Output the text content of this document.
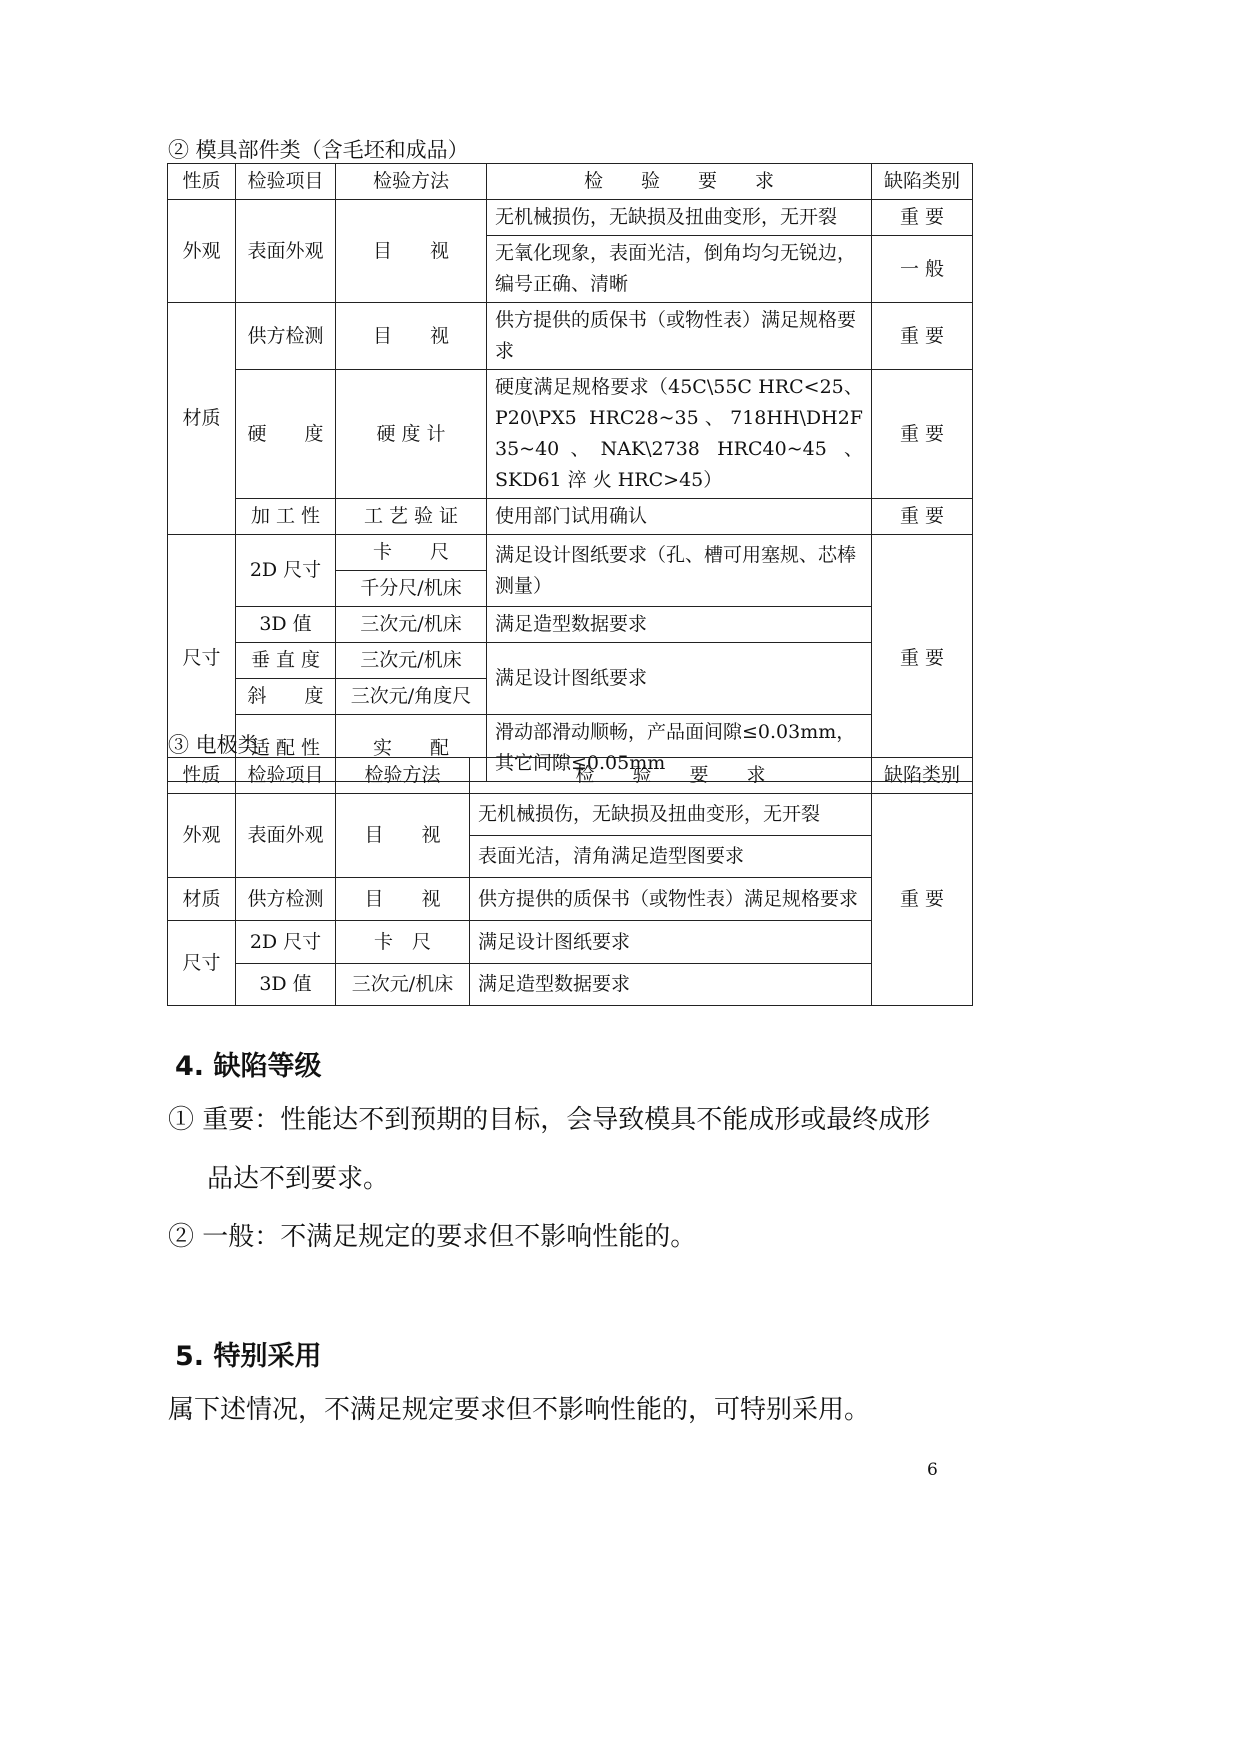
② 模具部件类（含毛坯和成品）
性质	检验项目	检验方法	检　　验　　要　　求	缺陷类别
外观	表面外观	目　　视	无机械损伤，无缺损及扭曲变形，无开裂	重 要
			无氧化现象，表面光洁，倒角均匀无锐边，编号正确、清晰	一 般
材质	供方检测	目　　视	供方提供的质保书（或物性表）满足规格要求	重 要
	硬　　度	硬 度 计	硬度满足规格要求（45C\55C HRC<25、P20\PX5 HRC28~35、718HH\DH2F 35~40、NAK\2738 HRC40~45 、 SKD61 淬 火 HRC>45）	重 要
	加 工 性	工 艺 验 证	使用部门试用确认	重 要
尺寸	2D 尺寸	卡　　尺	满足设计图纸要求（孔、槽可用塞规、芯棒测量）	重 要
		千分尺/机床		
	3D 值	三次元/机床	满足造型数据要求	
	垂 直 度	三次元/机床	满足设计图纸要求	
	斜　　度	三次元/角度尺		
	适 配 性	实　　配	滑动部滑动顺畅，产品面间隙≤0.03mm，其它间隙≤0.05mm	

③ 电极类
性质	检验项目	检验方法	检　　验　　要　　求	缺陷类别
外观	表面外观	目　　视	无机械损伤，无缺损及扭曲变形，无开裂	重 要
			表面光洁，清角满足造型图要求	
材质	供方检测	目　　视	供方提供的质保书（或物性表）满足规格要求	
尺寸	2D 尺寸	卡　尺	满足设计图纸要求	
	3D 值	三次元/机床	满足造型数据要求	
4. 缺陷等级
① 重要：性能达不到预期的目标，会导致模具不能成形或最终成形
品达不到要求。
② 一般：不满足规定的要求但不影响性能的。
5. 特别采用
属下述情况，不满足规定要求但不影响性能的，可特别采用。
6
